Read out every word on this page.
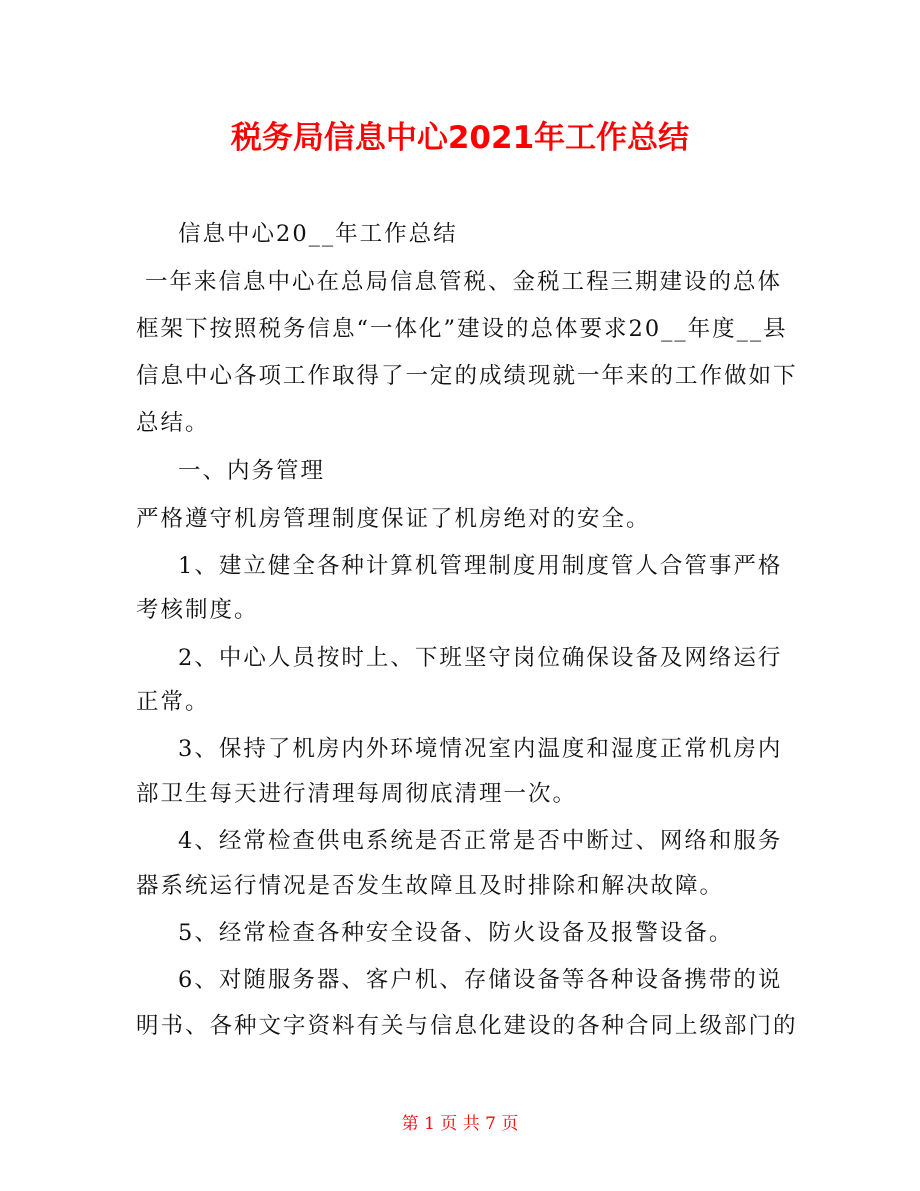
税务局信息中心2021年工作总结
信息中心20__年工作总结
一年来信息中心在总局信息管税、金税工程三期建设的总体
框架下按照税务信息“一体化”建设的总体要求20__年度__县
信息中心各项工作取得了一定的成绩现就一年来的工作做如下
总结。
一、内务管理
严格遵守机房管理制度保证了机房绝对的安全。
1、建立健全各种计算机管理制度用制度管人合管事严格
考核制度。
2、中心人员按时上、下班坚守岗位确保设备及网络运行
正常。
3、保持了机房内外环境情况室内温度和湿度正常机房内
部卫生每天进行清理每周彻底清理一次。
4、经常检查供电系统是否正常是否中断过、网络和服务
器系统运行情况是否发生故障且及时排除和解决故障。
5、经常检查各种安全设备、防火设备及报警设备。
6、对随服务器、客户机、存储设备等各种设备携带的说
明书、各种文字资料有关与信息化建设的各种合同上级部门的
第 1 页 共 7 页
